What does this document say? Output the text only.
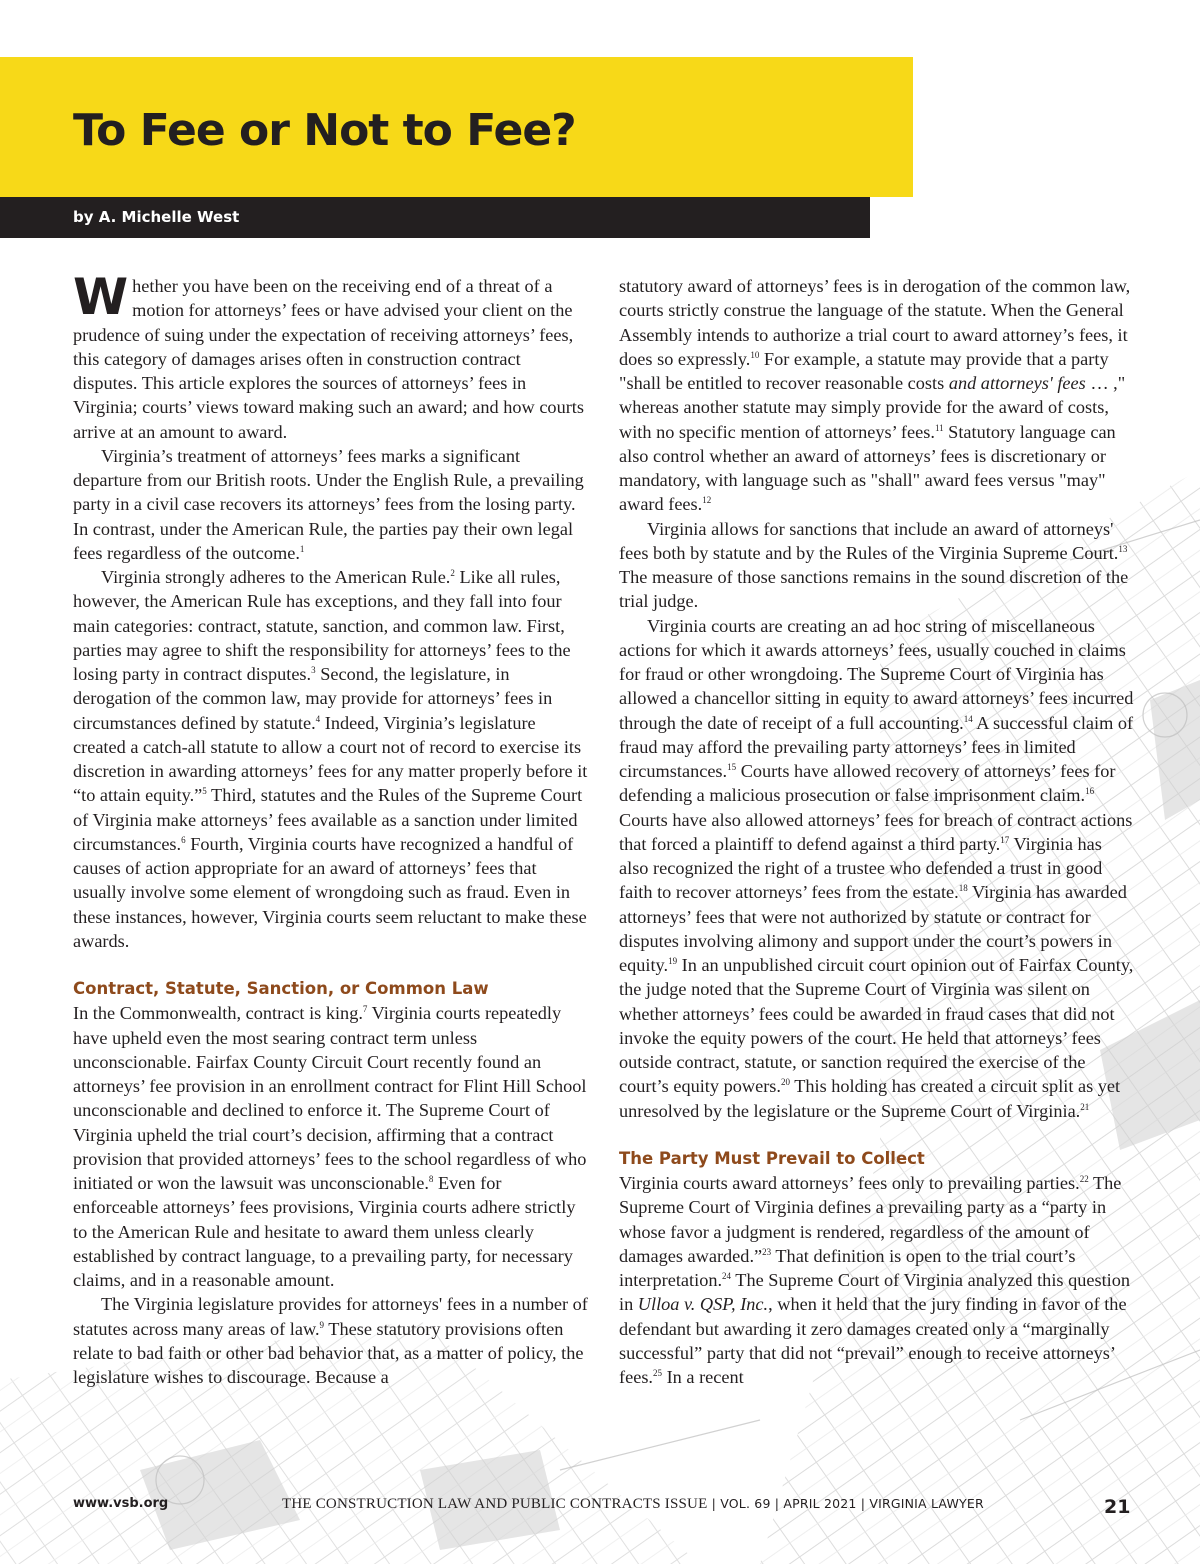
To Fee or Not to Fee?
by A. Michelle West

Whether you have been on the receiving end of a threat of a motion for attorneys’ fees or have advised your client on the prudence of suing under the expectation of receiving attorneys’ fees, this category of damages arises often in construction contract disputes. This article explores the sources of attorneys’ fees in Virginia; courts’ views toward making such an award; and how courts arrive at an amount to award.

Virginia’s treatment of attorneys’ fees marks a significant departure from our British roots. Under the English Rule, a prevailing party in a civil case recovers its attorneys’ fees from the losing party. In contrast, under the American Rule, the parties pay their own legal fees regardless of the outcome.$^1$

Virginia strongly adheres to the American Rule.$^2$ Like all rules, however, the American Rule has exceptions, and they fall into four main categories: contract, statute, sanction, and common law. First, parties may agree to shift the responsibility for attorneys’ fees to the losing party in contract disputes.$^3$ Second, the legislature, in derogation of the common law, may provide for attorneys’ fees in circumstances defined by statute.$^4$ Indeed, Virginia’s legislature created a catch-all statute to allow a court not of record to exercise its discretion in awarding attorneys’ fees for any matter properly before it “to attain equity.”$^5$ Third, statutes and the Rules of the Supreme Court of Virginia make attorneys’ fees available as a sanction under limited circumstances.$^6$ Fourth, Virginia courts have recognized a handful of causes of action appropriate for an award of attorneys’ fees that usually involve some element of wrongdoing such as fraud. Even in these instances, however, Virginia courts seem reluctant to make these awards.

Contract, Statute, Sanction, or Common Law

In the Commonwealth, contract is king.$^7$ Virginia courts repeatedly have upheld even the most searing contract term unless unconscionable. Fairfax County Circuit Court recently found an attorneys’ fee provision in an enrollment contract for Flint Hill School unconscionable and declined to enforce it. The Supreme Court of Virginia upheld the trial court’s decision, affirming that a contract provision that provided attorneys’ fees to the school regardless of who initiated or won the lawsuit was unconscionable.$^8$ Even for enforceable attorneys’ fees provisions, Virginia courts adhere strictly to the American Rule and hesitate to award them unless clearly established by contract language, to a prevailing party, for necessary claims, and in a reasonable amount.

The Virginia legislature provides for attorneys' fees in a number of statutes across many areas of law.$^9$ These statutory provisions often relate to bad faith or other bad behavior that, as a matter of policy, the legislature wishes to discourage. Because a

statutory award of attorneys’ fees is in derogation of the common law, courts strictly construe the language of the statute. When the General Assembly intends to authorize a trial court to award attorney’s fees, it does so expressly.$^{10}$ For example, a statute may provide that a party "shall be entitled to recover reasonable costs and attorneys' fees … ," whereas another statute may simply provide for the award of costs, with no specific mention of attorneys’ fees.$^{11}$ Statutory language can also control whether an award of attorneys’ fees is discretionary or mandatory, with language such as "shall" award fees versus "may" award fees.$^{12}$

Virginia allows for sanctions that include an award of attorneys' fees both by statute and by the Rules of the Virginia Supreme Court.$^{13}$ The measure of those sanctions remains in the sound discretion of the trial judge.

Virginia courts are creating an ad hoc string of miscellaneous actions for which it awards attorneys’ fees, usually couched in claims for fraud or other wrongdoing. The Supreme Court of Virginia has allowed a chancellor sitting in equity to award attorneys’ fees incurred through the date of receipt of a full accounting.$^{14}$ A successful claim of fraud may afford the prevailing party attorneys’ fees in limited circumstances.$^{15}$ Courts have allowed recovery of attorneys’ fees for defending a malicious prosecution or false imprisonment claim.$^{16}$ Courts have also allowed attorneys’ fees for breach of contract actions that forced a plaintiff to defend against a third party.$^{17}$ Virginia has also recognized the right of a trustee who defended a trust in good faith to recover attorneys’ fees from the estate.$^{18}$ Virginia has awarded attorneys’ fees that were not authorized by statute or contract for disputes involving alimony and support under the court’s powers in equity.$^{19}$ In an unpublished circuit court opinion out of Fairfax County, the judge noted that the Supreme Court of Virginia was silent on whether attorneys’ fees could be awarded in fraud cases that did not invoke the equity powers of the court. He held that attorneys’ fees outside contract, statute, or sanction required the exercise of the court’s equity powers.$^{20}$ This holding has created a circuit split as yet unresolved by the legislature or the Supreme Court of Virginia.$^{21}$

The Party Must Prevail to Collect

Virginia courts award attorneys’ fees only to prevailing parties.$^{22}$ The Supreme Court of Virginia defines a prevailing party as a “party in whose favor a judgment is rendered, regardless of the amount of damages awarded.”$^{23}$ That definition is open to the trial court’s interpretation.$^{24}$ The Supreme Court of Virginia analyzed this question in Ulloa v. QSP, Inc., when it held that the jury finding in favor of the defendant but awarding it zero damages created only a “marginally successful” party that did not “prevail” enough to receive attorneys’ fees.$^{25}$ In a recent

www.vsb.org	THE CONSTRUCTION LAW AND PUBLIC CONTRACTS ISSUE | VOL. 69 | APRIL 2021 | VIRGINIA LAWYER	21
